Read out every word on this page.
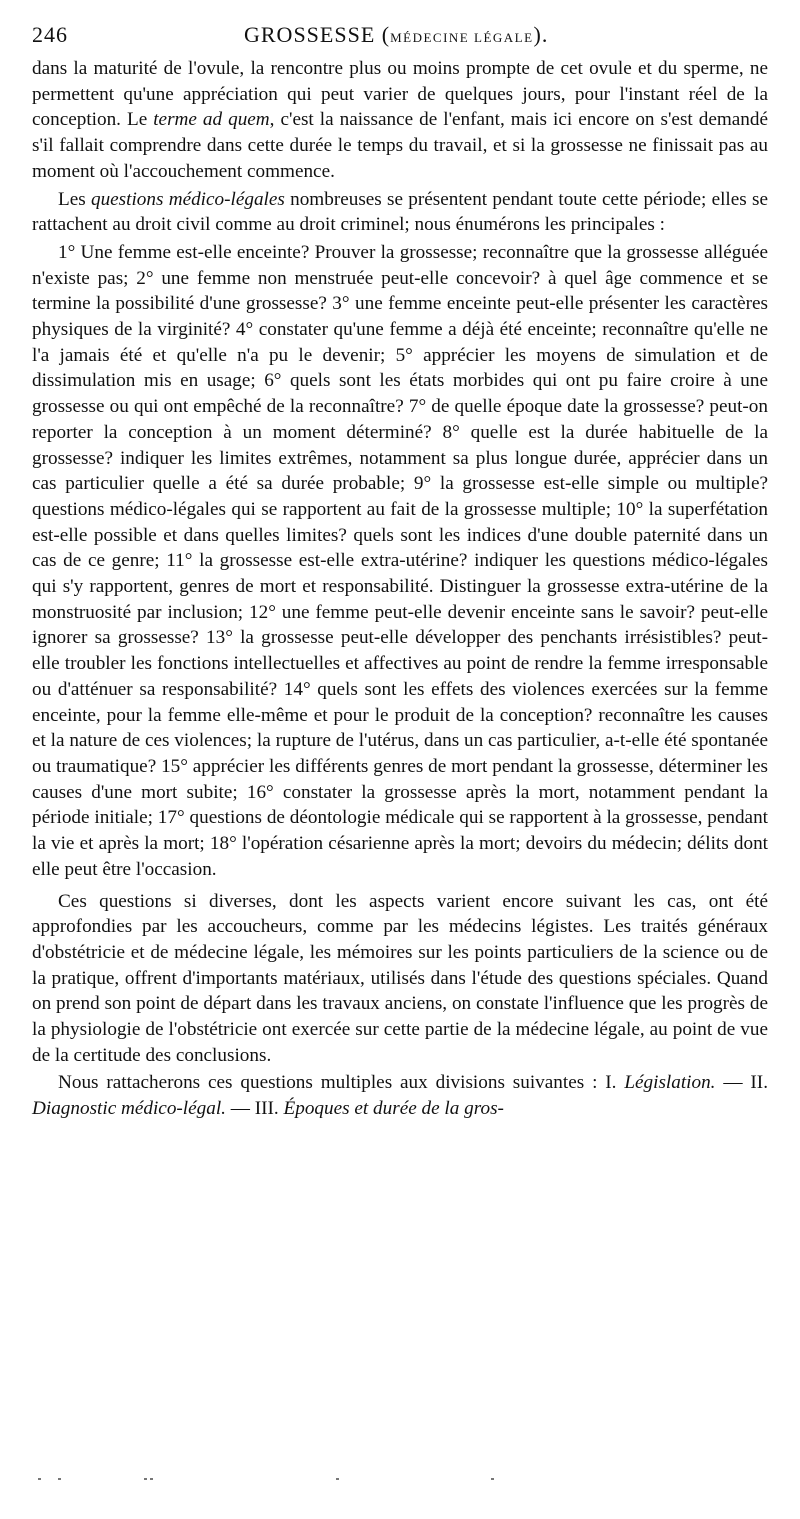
246	GROSSESSE (MÉDECINE LÉGALE).

dans la maturité de l'ovule, la rencontre plus ou moins prompte de cet ovule et du sperme, ne permettent qu'une appréciation qui peut varier de quelques jours, pour l'instant réel de la conception. Le terme ad quem, c'est la naissance de l'enfant, mais ici encore on s'est demandé s'il fallait comprendre dans cette durée le temps du travail, et si la grossesse ne finissait pas au moment où l'accouchement commence.

Les questions médico-légales nombreuses se présentent pendant toute cette période; elles se rattachent au droit civil comme au droit criminel; nous énumérons les principales :

1° Une femme est-elle enceinte? Prouver la grossesse; reconnaître que la grossesse alléguée n'existe pas; 2° une femme non menstruée peut-elle concevoir? à quel âge commence et se termine la possibilité d'une grossesse? 3° une femme enceinte peut-elle présenter les caractères physiques de la virginité? 4° constater qu'une femme a déjà été enceinte; reconnaître qu'elle ne l'a jamais été et qu'elle n'a pu le devenir; 5° apprécier les moyens de simulation et de dissimulation mis en usage; 6° quels sont les états morbides qui ont pu faire croire à une grossesse ou qui ont empêché de la reconnaître? 7° de quelle époque date la grossesse? peut-on reporter la conception à un moment déterminé? 8° quelle est la durée habituelle de la grossesse? indiquer les limites extrêmes, notamment sa plus longue durée, apprécier dans un cas particulier quelle a été sa durée probable; 9° la grossesse est-elle simple ou multiple? questions médico-légales qui se rapportent au fait de la grossesse multiple; 10° la superfétation est-elle possible et dans quelles limites? quels sont les indices d'une double paternité dans un cas de ce genre; 11° la grossesse est-elle extra-utérine? indiquer les questions médico-légales qui s'y rapportent, genres de mort et responsabilité. Distinguer la grossesse extra-utérine de la monstruosité par inclusion; 12° une femme peut-elle devenir enceinte sans le savoir? peut-elle ignorer sa grossesse? 13° la grossesse peut-elle développer des penchants irrésistibles? peut-elle troubler les fonctions intellectuelles et affectives au point de rendre la femme irresponsable ou d'atténuer sa responsabilité? 14° quels sont les effets des violences exercées sur la femme enceinte, pour la femme elle-même et pour le produit de la conception? reconnaître les causes et la nature de ces violences; la rupture de l'utérus, dans un cas particulier, a-t-elle été spontanée ou traumatique? 15° apprécier les différents genres de mort pendant la grossesse, déterminer les causes d'une mort subite; 16° constater la grossesse après la mort, notamment pendant la période initiale; 17° questions de déontologie médicale qui se rapportent à la grossesse, pendant la vie et après la mort; 18° l'opération césarienne après la mort; devoirs du médecin; délits dont elle peut être l'occasion.

Ces questions si diverses, dont les aspects varient encore suivant les cas, ont été approfondies par les accoucheurs, comme par les médecins légistes. Les traités généraux d'obstétricie et de médecine légale, les mémoires sur les points particuliers de la science ou de la pratique, offrent d'importants matériaux, utilisés dans l'étude des questions spéciales. Quand on prend son point de départ dans les travaux anciens, on constate l'influence que les progrès de la physiologie de l'obstétricie ont exercée sur cette partie de la médecine légale, au point de vue de la certitude des conclusions.

Nous rattacherons ces questions multiples aux divisions suivantes : I. Législation. — II. Diagnostic médico-légal. — III. Époques et durée de la gros-
